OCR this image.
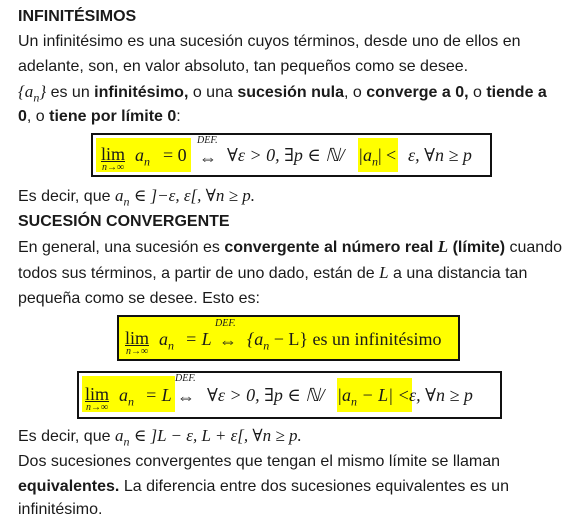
INFINITÉSIMOS
Un infinitésimo es una sucesión cuyos términos, desde uno de ellos en
adelante, son, en valor absoluto, tan pequeños como se desee.
$\{a_n\}$ es un infinitésimo, o una sucesión nula, o converge a 0, o tiende a
0, o tiene por límite 0:
lim
n→∞
$a_n = 0$
DEF.
⇔ ∀ε > 0, ∃p ∈ ℕ/ $|a_n| < \varepsilon$, ∀n ≥ p
Es decir, que $a_n$ ∈ ]−ε, ε[, ∀n ≥ p.
SUCESIÓN CONVERGENTE
En general, una sucesión es convergente al número real L (límite) cuando
todos sus términos, a partir de uno dado, están de L a una distancia tan
pequeña como se desee. Esto es:
lim
n→∞
$a_n = L$
DEF.
⇔ $\{a_n - L\}$ es un infinitésimo
lim
n→∞
$a_n = L$
DEF.
⇔ ∀ε > 0, ∃p ∈ ℕ/ $|a_n - L| < \varepsilon$, ∀n ≥ p
Es decir, que $a_n$ ∈ ]L − ε, L + ε[, ∀n ≥ p.
Dos sucesiones convergentes que tengan el mismo límite se llaman
equivalentes. La diferencia entre dos sucesiones equivalentes es un
infinitésimo.
